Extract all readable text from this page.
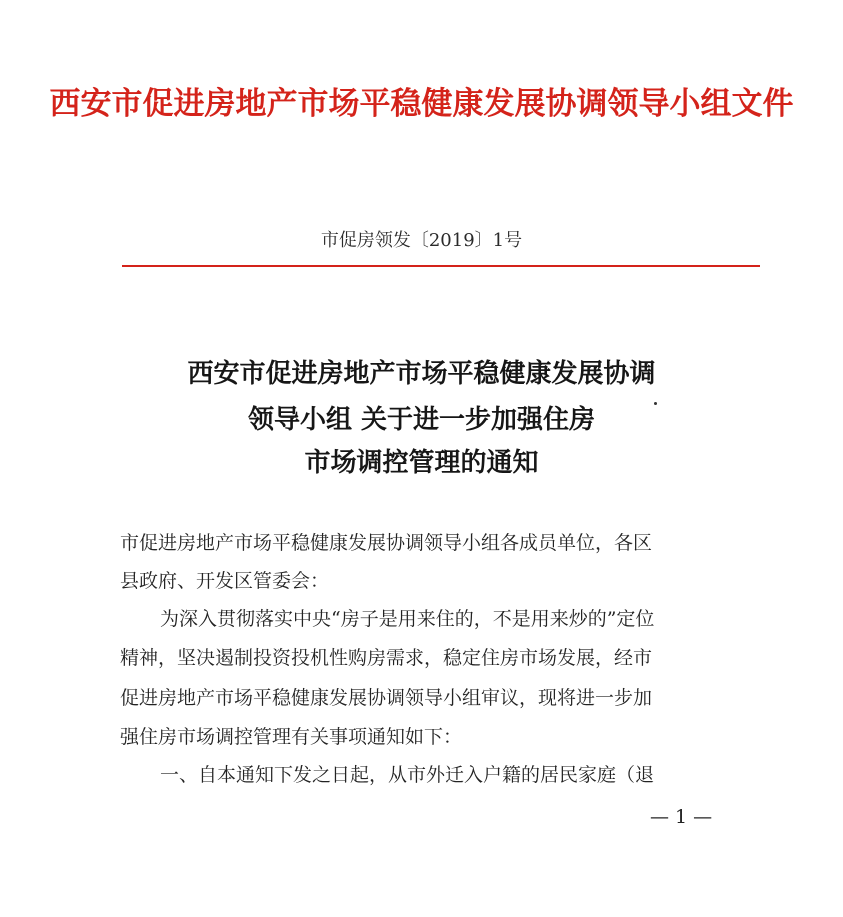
西安市促进房地产市场平稳健康发展协调领导小组文件
市促房领发〔2019〕1号
西安市促进房地产市场平稳健康发展协调
领导小组 关于进一步加强住房
市场调控管理的通知
市促进房地产市场平稳健康发展协调领导小组各成员单位，各区
县政府、开发区管委会：
为深入贯彻落实中央“房子是用来住的，不是用来炒的”定位
精神，坚决遏制投资投机性购房需求，稳定住房市场发展，经市
促进房地产市场平稳健康发展协调领导小组审议，现将进一步加
强住房市场调控管理有关事项通知如下：
一、自本通知下发之日起，从市外迁入户籍的居民家庭（退
— 1 —
